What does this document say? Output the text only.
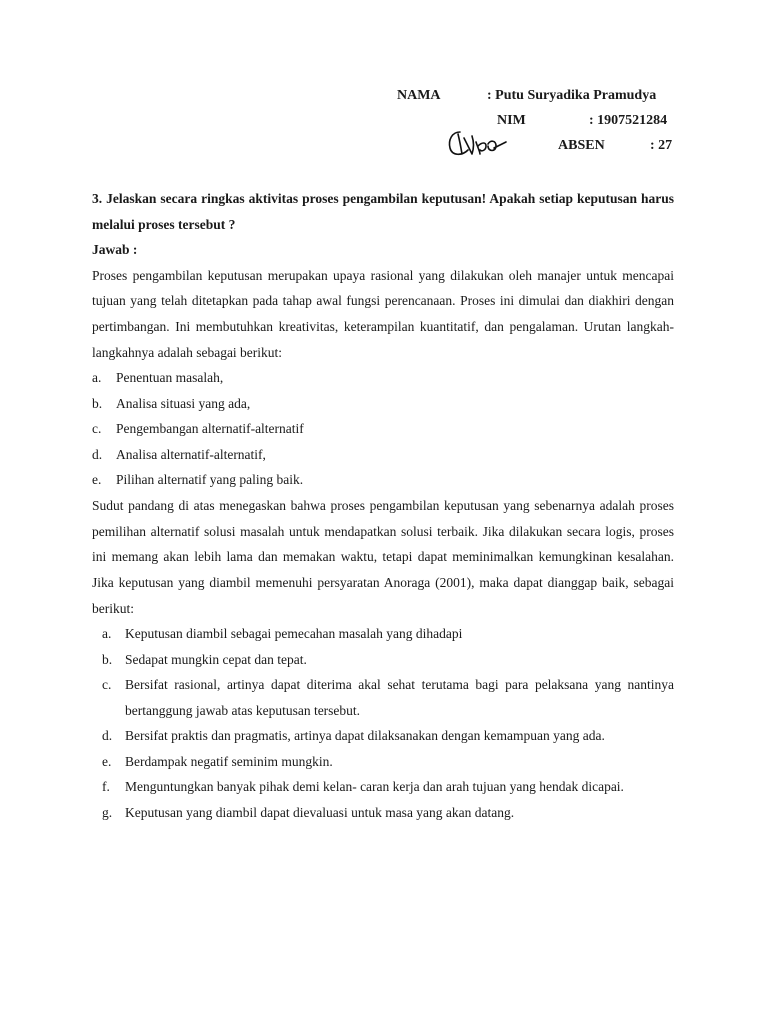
NAMA	: Putu Suryadika Pramudya
NIM	: 1907521284
ABSEN	: 27

3. Jelaskan secara ringkas aktivitas proses pengambilan keputusan! Apakah setiap keputusan harus melalui proses tersebut ?

Jawab :

Proses pengambilan keputusan merupakan upaya rasional yang dilakukan oleh manajer untuk mencapai tujuan yang telah ditetapkan pada tahap awal fungsi perencanaan. Proses ini dimulai dan diakhiri dengan pertimbangan. Ini membutuhkan kreativitas, keterampilan kuantitatif, dan pengalaman. Urutan langkah-langkahnya adalah sebagai berikut:

a. Penentuan masalah,
b. Analisa situasi yang ada,
c. Pengembangan alternatif-alternatif
d. Analisa alternatif-alternatif,
e. Pilihan alternatif yang paling baik.

Sudut pandang di atas menegaskan bahwa proses pengambilan keputusan yang sebenarnya adalah proses pemilihan alternatif solusi masalah untuk mendapatkan solusi terbaik. Jika dilakukan secara logis, proses ini memang akan lebih lama dan memakan waktu, tetapi dapat meminimalkan kemungkinan kesalahan. Jika keputusan yang diambil memenuhi persyaratan Anoraga (2001), maka dapat dianggap baik, sebagai berikut:

a. Keputusan diambil sebagai pemecahan masalah yang dihadapi
b. Sedapat mungkin cepat dan tepat.
c. Bersifat rasional, artinya dapat diterima akal sehat terutama bagi para pelaksana yang nantinya bertanggung jawab atas keputusan tersebut.
d. Bersifat praktis dan pragmatis, artinya dapat dilaksanakan dengan kemampuan yang ada.
e. Berdampak negatif seminim mungkin.
f. Menguntungkan banyak pihak demi kelan- caran kerja dan arah tujuan yang hendak dicapai.
g. Keputusan yang diambil dapat dievaluasi untuk masa yang akan datang.
